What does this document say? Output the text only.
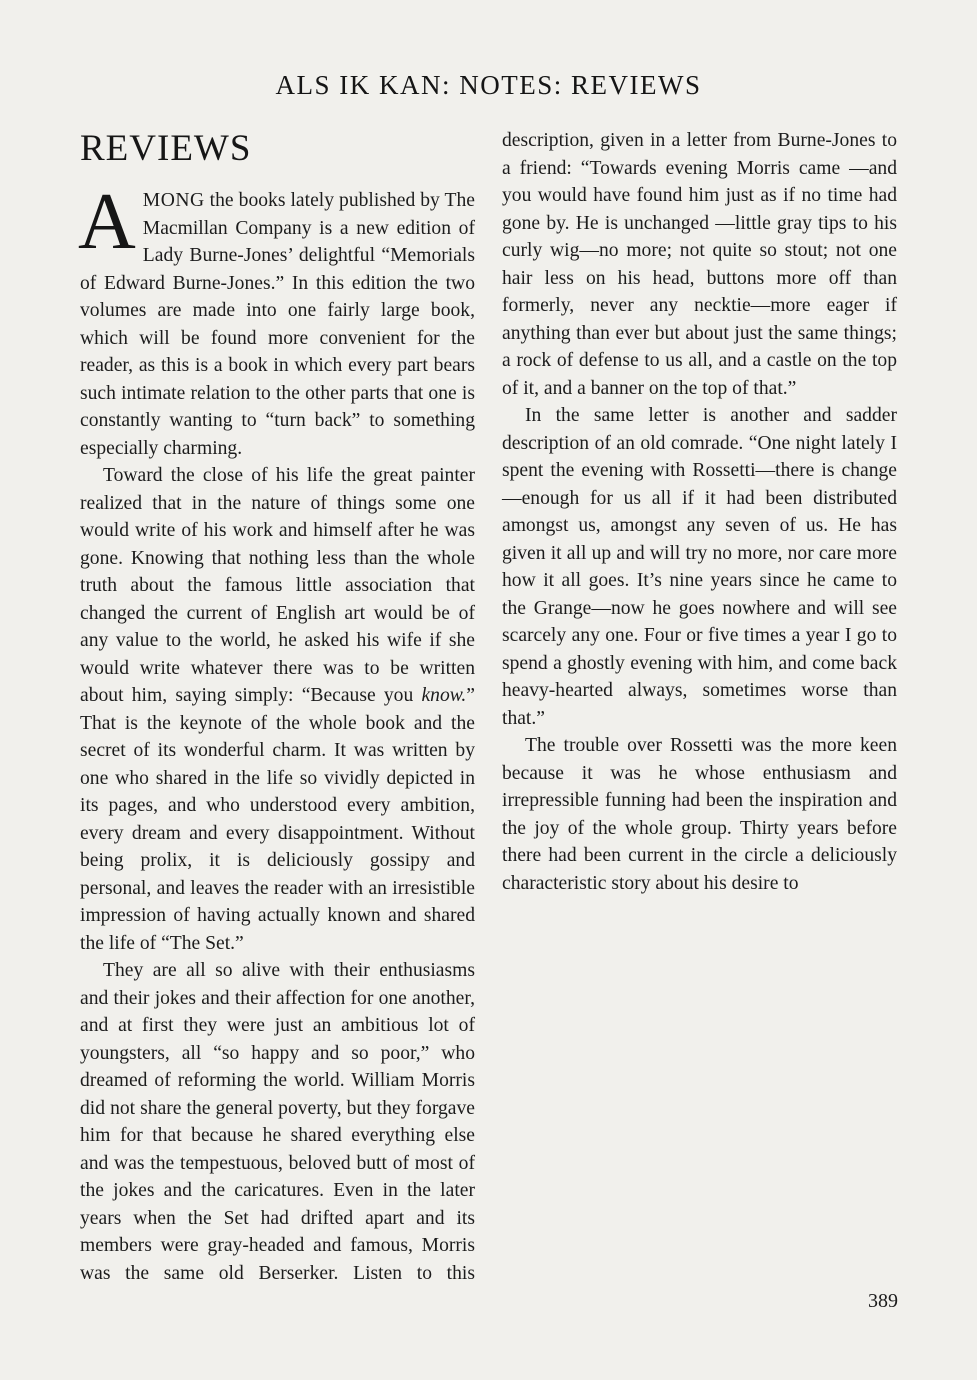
ALS IK KAN: NOTES: REVIEWS
REVIEWS

AMONG the books lately published by The Macmillan Company is a new edition of Lady Burne-Jones’ delightful “Memorials of Edward Burne-Jones.” In this edition the two volumes are made into one fairly large book, which will be found more convenient for the reader, as this is a book in which every part bears such intimate relation to the other parts that one is constantly wanting to “turn back” to something especially charming.

Toward the close of his life the great painter realized that in the nature of things some one would write of his work and himself after he was gone. Knowing that nothing less than the whole truth about the famous little association that changed the current of English art would be of any value to the world, he asked his wife if she would write whatever there was to be written about him, saying simply: “Because you know.” That is the keynote of the whole book and the secret of its wonderful charm. It was written by one who shared in the life so vividly depicted in its pages, and who understood every ambition, every dream and every disappointment. Without being prolix, it is deliciously gossipy and personal, and leaves the reader with an irresistible impression of having actually known and shared the life of “The Set.”

They are all so alive with their enthusiasms and their jokes and their affection for one another, and at first they were just an ambitious lot of youngsters, all “so happy and so poor,” who dreamed of reforming the world. William Morris did not share the general poverty, but they forgave him for that because he shared everything else and was the tempestuous, beloved butt of most of the jokes and the caricatures. Even in the later years when the Set had drifted apart and its members were gray-headed and famous, Morris was the same old Berserker. Listen to this

description, given in a letter from Burne-Jones to a friend: “Towards evening Morris came —and you would have found him just as if no time had gone by. He is unchanged —little gray tips to his curly wig—no more; not quite so stout; not one hair less on his head, buttons more off than formerly, never any necktie—more eager if anything than ever but about just the same things; a rock of defense to us all, and a castle on the top of it, and a banner on the top of that.”

In the same letter is another and sadder description of an old comrade. “One night lately I spent the evening with Rossetti—there is change—enough for us all if it had been distributed amongst us, amongst any seven of us. He has given it all up and will try no more, nor care more how it all goes. It’s nine years since he came to the Grange—now he goes nowhere and will see scarcely any one. Four or five times a year I go to spend a ghostly evening with him, and come back heavy-hearted always, sometimes worse than that.”

The trouble over Rossetti was the more keen because it was he whose enthusiasm and irrepressible funning had been the inspiration and the joy of the whole group. Thirty years before there had been current in the circle a deliciously characteristic story about his desire to

389
